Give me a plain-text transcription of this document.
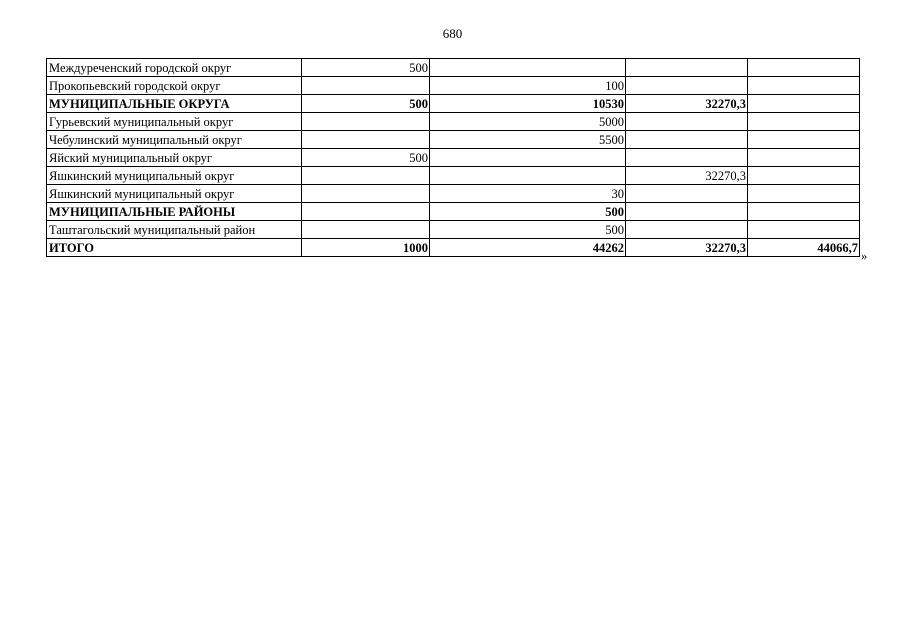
680
Междуреченский городской округ	500			
Прокопьевский городской округ		100		
МУНИЦИПАЛЬНЫЕ ОКРУГА	500	10530	32270,3	
Гурьевский муниципальный округ		5000		
Чебулинский муниципальный округ		5500		
Яйский муниципальный округ	500			
Яшкинский муниципальный округ			32270,3	
Яшкинский муниципальный округ		30		
МУНИЦИПАЛЬНЫЕ РАЙОНЫ		500		
Таштагольский муниципальный район		500		
ИТОГО	1000	44262	32270,3	44066,7
»
